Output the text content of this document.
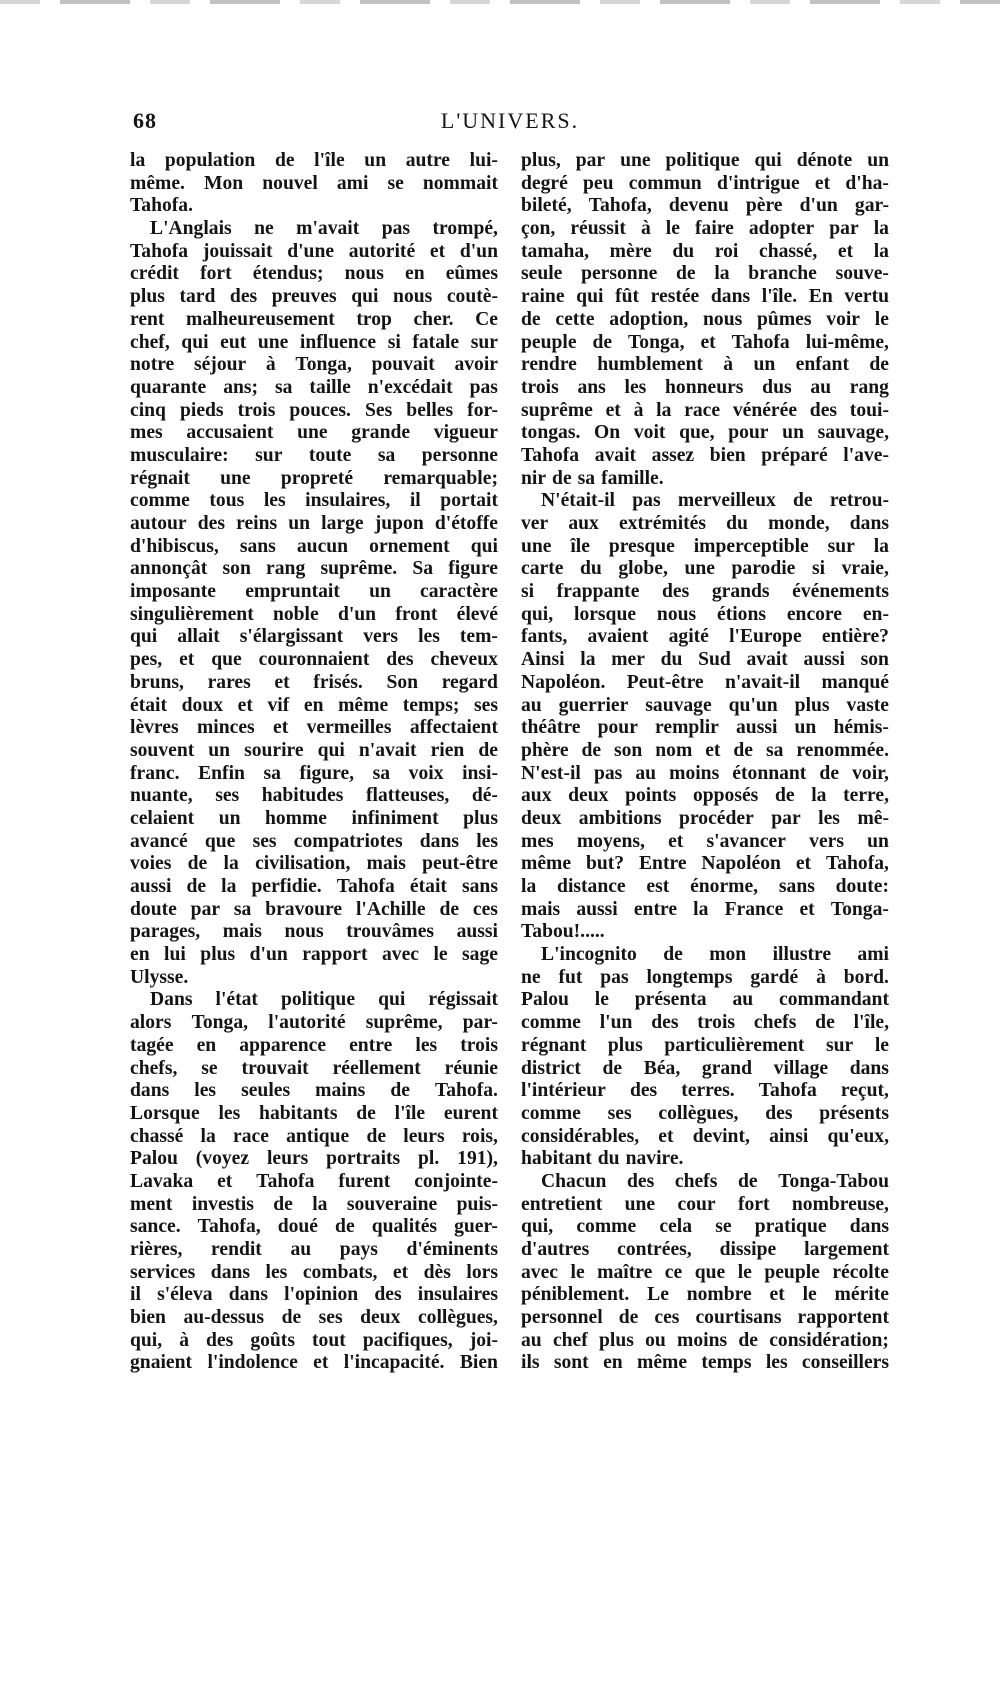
68	L'UNIVERS.
la population de l'île un autre lui-
même. Mon nouvel ami se nommait
Tahofa.
L'Anglais ne m'avait pas trompé,
Tahofa jouissait d'une autorité et d'un
crédit fort étendus; nous en eûmes
plus tard des preuves qui nous coutè-
rent malheureusement trop cher. Ce
chef, qui eut une influence si fatale sur
notre séjour à Tonga, pouvait avoir
quarante ans; sa taille n'excédait pas
cinq pieds trois pouces. Ses belles for-
mes accusaient une grande vigueur
musculaire: sur toute sa personne
régnait une propreté remarquable;
comme tous les insulaires, il portait
autour des reins un large jupon d'étoffe
d'hibiscus, sans aucun ornement qui
annonçât son rang suprême. Sa figure
imposante empruntait un caractère
singulièrement noble d'un front élevé
qui allait s'élargissant vers les tem-
pes, et que couronnaient des cheveux
bruns, rares et frisés. Son regard
était doux et vif en même temps; ses
lèvres minces et vermeilles affectaient
souvent un sourire qui n'avait rien de
franc. Enfin sa figure, sa voix insi-
nuante, ses habitudes flatteuses, dé-
celaient un homme infiniment plus
avancé que ses compatriotes dans les
voies de la civilisation, mais peut-être
aussi de la perfidie. Tahofa était sans
doute par sa bravoure l'Achille de ces
parages, mais nous trouvâmes aussi
en lui plus d'un rapport avec le sage
Ulysse.
Dans l'état politique qui régissait
alors Tonga, l'autorité suprême, par-
tagée en apparence entre les trois
chefs, se trouvait réellement réunie
dans les seules mains de Tahofa.
Lorsque les habitants de l'île eurent
chassé la race antique de leurs rois,
Palou (voyez leurs portraits pl. 191),
Lavaka et Tahofa furent conjointe-
ment investis de la souveraine puis-
sance. Tahofa, doué de qualités guer-
rières, rendit au pays d'éminents
services dans les combats, et dès lors
il s'éleva dans l'opinion des insulaires
bien au-dessus de ses deux collègues,
qui, à des goûts tout pacifiques, joi-
gnaient l'indolence et l'incapacité. Bien
plus, par une politique qui dénote un
degré peu commun d'intrigue et d'ha-
bileté, Tahofa, devenu père d'un gar-
çon, réussit à le faire adopter par la
tamaha, mère du roi chassé, et la
seule personne de la branche souve-
raine qui fût restée dans l'île. En vertu
de cette adoption, nous pûmes voir le
peuple de Tonga, et Tahofa lui-même,
rendre humblement à un enfant de
trois ans les honneurs dus au rang
suprême et à la race vénérée des toui-
tongas. On voit que, pour un sauvage,
Tahofa avait assez bien préparé l'ave-
nir de sa famille.
N'était-il pas merveilleux de retrou-
ver aux extrémités du monde, dans
une île presque imperceptible sur la
carte du globe, une parodie si vraie,
si frappante des grands événements
qui, lorsque nous étions encore en-
fants, avaient agité l'Europe entière?
Ainsi la mer du Sud avait aussi son
Napoléon. Peut-être n'avait-il manqué
au guerrier sauvage qu'un plus vaste
théâtre pour remplir aussi un hémis-
phère de son nom et de sa renommée.
N'est-il pas au moins étonnant de voir,
aux deux points opposés de la terre,
deux ambitions procéder par les mê-
mes moyens, et s'avancer vers un
même but? Entre Napoléon et Tahofa,
la distance est énorme, sans doute:
mais aussi entre la France et Tonga-
Tabou!.....
L'incognito de mon illustre ami
ne fut pas longtemps gardé à bord.
Palou le présenta au commandant
comme l'un des trois chefs de l'île,
régnant plus particulièrement sur le
district de Béa, grand village dans
l'intérieur des terres. Tahofa reçut,
comme ses collègues, des présents
considérables, et devint, ainsi qu'eux,
habitant du navire.
Chacun des chefs de Tonga-Tabou
entretient une cour fort nombreuse,
qui, comme cela se pratique dans
d'autres contrées, dissipe largement
avec le maître ce que le peuple récolte
péniblement. Le nombre et le mérite
personnel de ces courtisans rapportent
au chef plus ou moins de considération;
ils sont en même temps les conseillers
